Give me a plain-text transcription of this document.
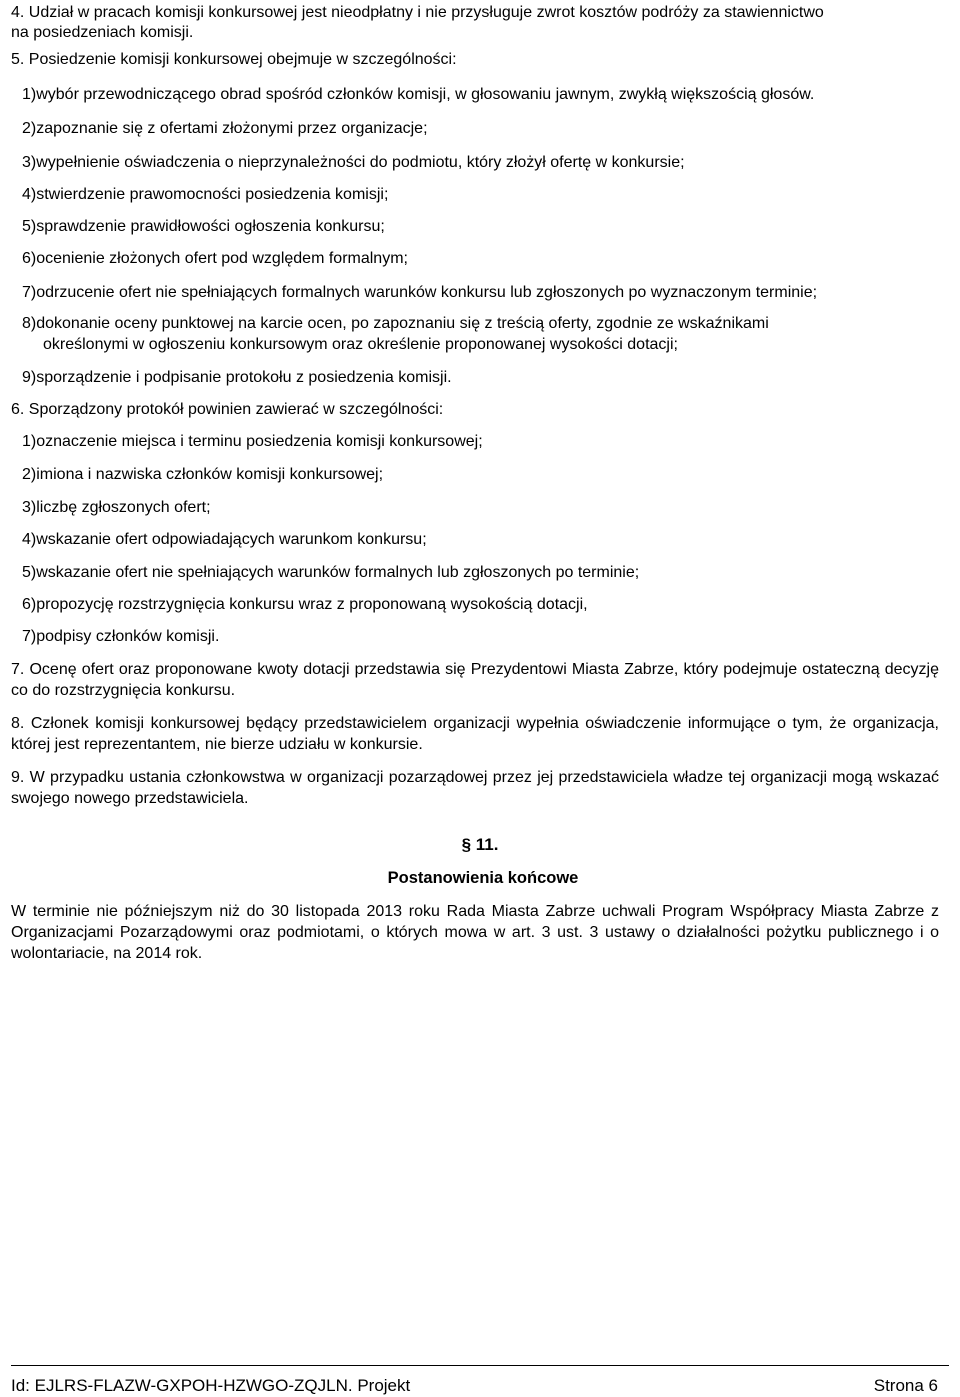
4. Udział w pracach komisji konkursowej jest nieodpłatny i nie przysługuje zwrot kosztów podróży za stawiennictwo
na posiedzeniach komisji.
5. Posiedzenie komisji konkursowej obejmuje w szczególności:
1)wybór przewodniczącego obrad spośród członków komisji, w głosowaniu jawnym, zwykłą większością głosów.
2)zapoznanie się z ofertami złożonymi przez organizacje;
3)wypełnienie oświadczenia o nieprzynależności do podmiotu, który złożył ofertę w konkursie;
4)stwierdzenie prawomocności posiedzenia komisji;
5)sprawdzenie prawidłowości ogłoszenia konkursu;
6)ocenienie złożonych ofert pod względem formalnym;
7)odrzucenie ofert nie spełniających formalnych warunków konkursu lub zgłoszonych po wyznaczonym terminie;
8)dokonanie oceny punktowej na karcie ocen, po zapoznaniu się z treścią oferty, zgodnie ze wskaźnikami
określonymi w ogłoszeniu konkursowym oraz określenie proponowanej wysokości dotacji;
9)sporządzenie i podpisanie protokołu z posiedzenia komisji.
6. Sporządzony protokół powinien zawierać w szczególności:
1)oznaczenie miejsca i terminu posiedzenia komisji konkursowej;
2)imiona i nazwiska członków komisji konkursowej;
3)liczbę zgłoszonych ofert;
4)wskazanie ofert odpowiadających warunkom konkursu;
5)wskazanie ofert nie spełniających warunków formalnych lub zgłoszonych po terminie;
6)propozycję rozstrzygnięcia konkursu wraz z proponowaną wysokością dotacji,
7)podpisy członków komisji.
7. Ocenę ofert oraz proponowane kwoty dotacji przedstawia się Prezydentowi Miasta Zabrze, który podejmuje ostateczną decyzję co do rozstrzygnięcia konkursu.
8. Członek komisji konkursowej będący przedstawicielem organizacji wypełnia oświadczenie informujące o tym, że organizacja, której jest reprezentantem, nie bierze udziału w konkursie.
9. W przypadku ustania członkowstwa w organizacji pozarządowej przez jej przedstawiciela władze tej organizacji mogą wskazać swojego nowego przedstawiciela.
§ 11.
Postanowienia końcowe
W terminie nie późniejszym niż do 30 listopada 2013 roku Rada Miasta Zabrze uchwali Program Współpracy Miasta Zabrze z Organizacjami Pozarządowymi oraz podmiotami, o których mowa w art. 3 ust. 3 ustawy o działalności pożytku publicznego i o wolontariacie, na 2014 rok.
Id: EJLRS-FLAZW-GXPOH-HZWGO-ZQJLN. Projekt	Strona 6
